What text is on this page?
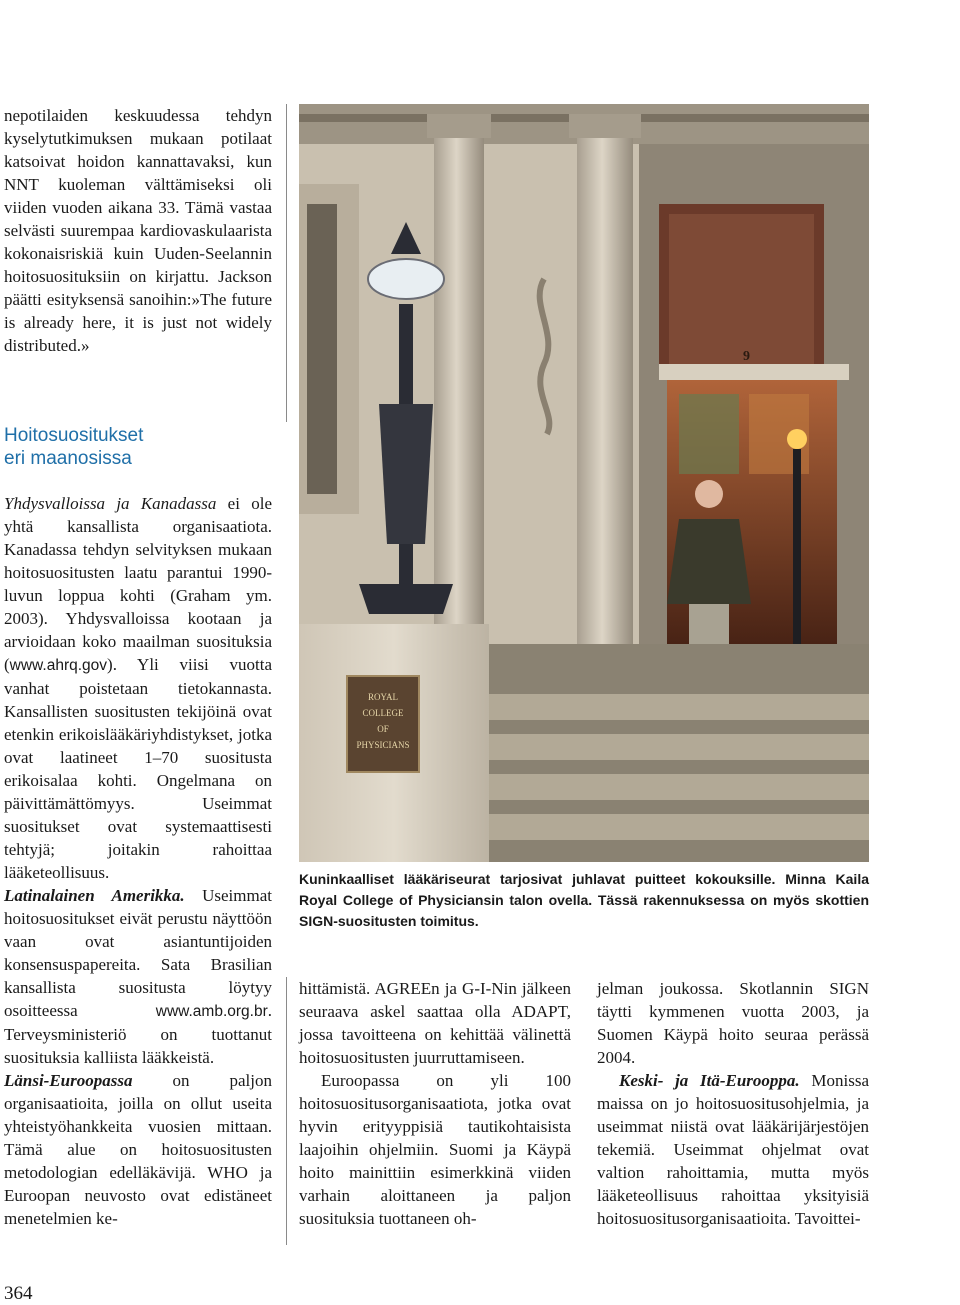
nepotilaiden keskuudessa tehdyn kyselytutkimuksen mukaan potilaat katsoivat hoidon kannattavaksi, kun NNT kuoleman välttämiseksi oli viiden vuoden aikana 33. Tämä vastaa selvästi suurempaa kardiovaskulaarista kokonaisriskiä kuin Uuden-Seelannin hoitosuosituksiin on kirjattu. Jackson päätti esityksensä sanoihin:»The future is already here, it is just not widely distributed.»

Hoitosuositukset
eri maanosissa

Yhdysvalloissa ja Kanadassa ei ole yhtä kansallista organisaatiota. Kanadassa tehdyn selvityksen mukaan hoitosuositusten laatu parantui 1990-luvun loppua kohti (Graham ym. 2003). Yhdysvalloissa kootaan ja arvioidaan koko maailman suosituksia (www.ahrq.gov). Yli viisi vuotta vanhat poistetaan tietokannasta. Kansallisten suositusten tekijöinä ovat etenkin erikoislääkäriyhdistykset, jotka ovat laatineet 1–70 suositusta erikoisalaa kohti. Ongelmana on päivittämättömyys. Useimmat suositukset ovat systemaattisesti tehtyjä; joitakin rahoittaa lääketeollisuus.

Latinalainen Amerikka. Useimmat hoitosuositukset eivät perustu näyttöön vaan ovat asiantuntijoiden konsensuspapereita. Sata Brasilian kansallista suositusta löytyy osoitteessa www.amb.org.br. Terveysministeriö on tuottanut suosituksia kalliista lääkkeistä.

Länsi-Euroopassa on paljon organisaatioita, joilla on ollut useita yhteistyöhankkeita vuosien mittaan. Tämä alue on hoitosuositusten metodologian edelläkävijä. WHO ja Euroopan neuvosto ovat edistäneet menetelmien ke-

9
ROYAL
COLLEGE
OF
PHYSICIANS
Kuninkaalliset lääkäriseurat tarjosivat juhlavat puitteet kokouksille. Minna Kaila Royal College of Physiciansin talon ovella. Tässä rakennuksessa on myös skottien SIGN-suositusten toimitus.

hittämistä. AGREEn ja G-I-Nin jälkeen seuraava askel saattaa olla ADAPT, jossa tavoitteena on kehittää välinettä hoitosuositusten juurruttamiseen.

Euroopassa on yli 100 hoitosuositusorganisaatiota, jotka ovat hyvin erityyppisiä tautikohtaisista laajoihin ohjelmiin. Suomi ja Käypä hoito mainittiin esimerkkinä viiden varhain aloittaneen ja paljon suosituksia tuottaneen oh-

jelman joukossa. Skotlannin SIGN täytti kymmenen vuotta 2003, ja Suomen Käypä hoito seuraa perässä 2004.

Keski- ja Itä-Eurooppa. Monissa maissa on jo hoitosuositusohjelmia, ja useimmat niistä ovat lääkärijärjestöjen tekemiä. Useimmat ohjelmat ovat valtion rahoittamia, mutta myös lääketeollisuus rahoittaa yksityisiä hoitosuositusorganisaatioita. Tavoittei-

364
